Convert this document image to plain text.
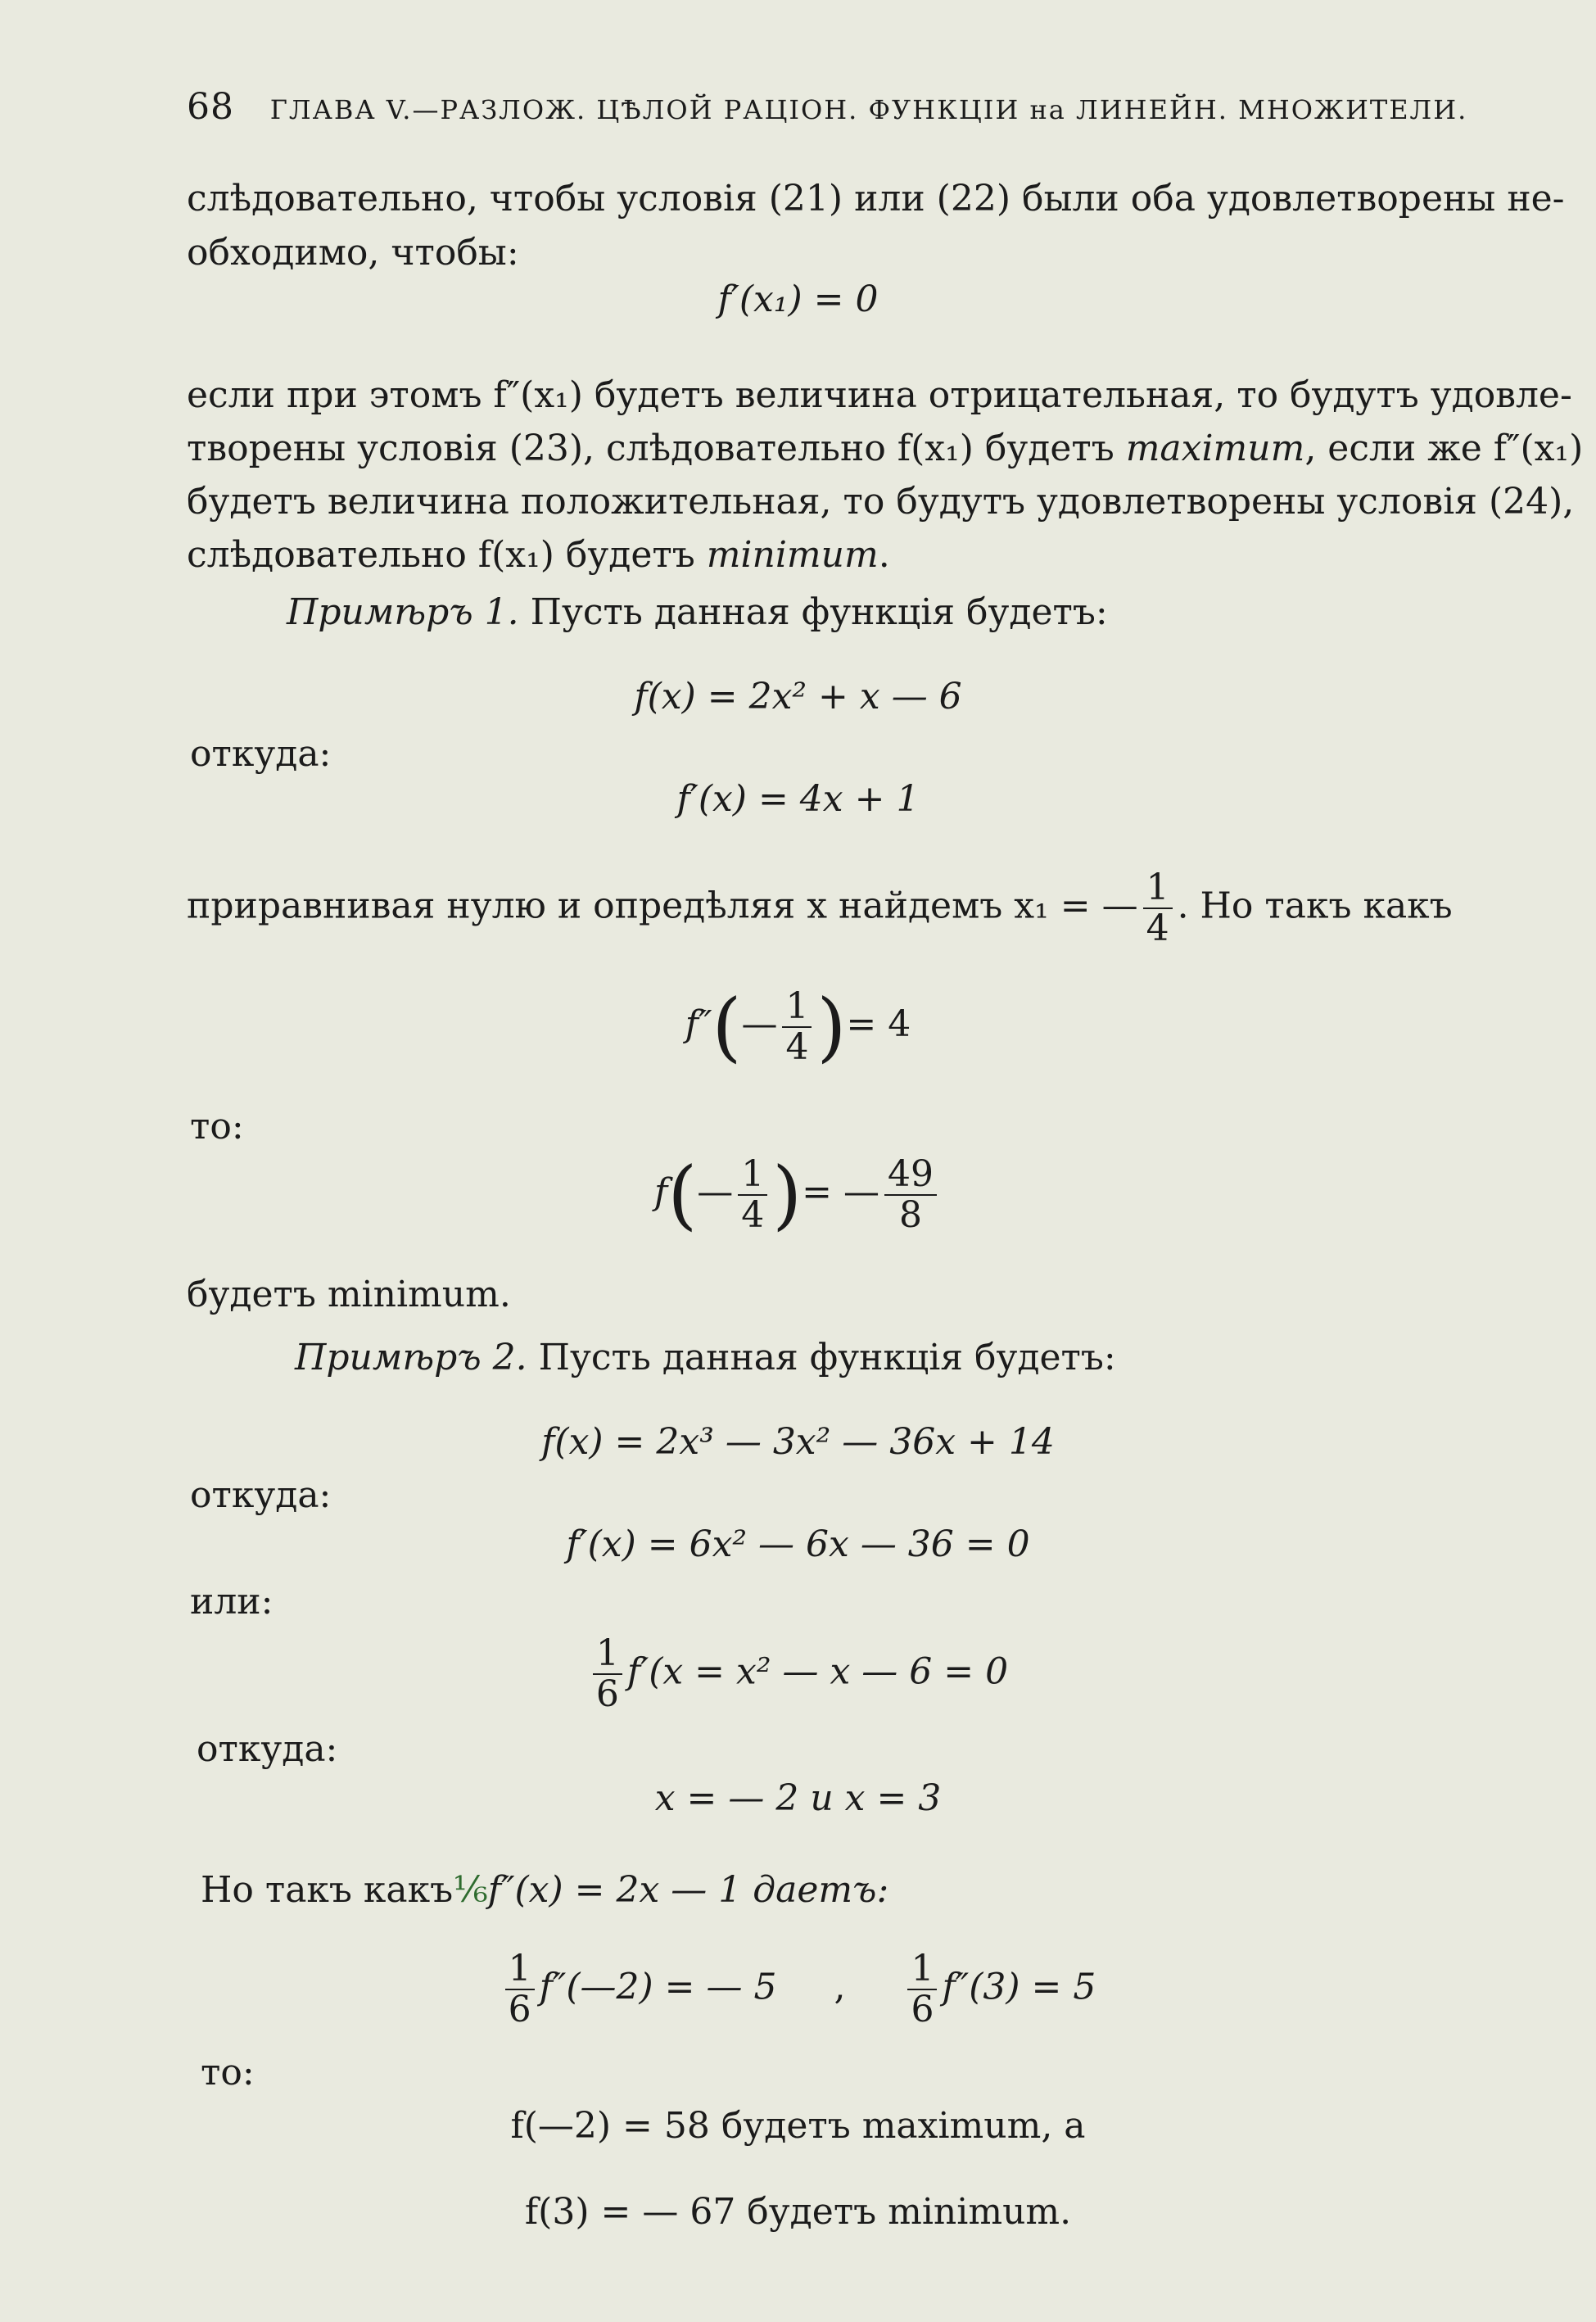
68 ГЛАВА V.—РАЗЛОЖ. ЦѢЛОЙ РАЦІОН. ФУНКЦІИ на ЛИНЕЙН. МНОЖИТЕЛИ.
слѣдовательно, чтобы условія (21) или (22) были оба удовлетворены не-
обходимо, чтобы:
f′(x₁) = 0
если при этомъ f″(x₁) будетъ величина отрицательная, то будутъ удовле-
творены условія (23), слѣдовательно f(x₁) будетъ maximum, если же f″(x₁)
будетъ величина положительная, то будутъ удовлетворены условія (24),
слѣдовательно f(x₁) будетъ minimum.
Примѣръ 1. Пусть данная функція будетъ:
f(x) = 2x² + x — 6
откуда:
f′(x) = 4x + 1
приравнивая нулю и опредѣляя x найдемъ x₁ = — $\frac{1}{4}$ . Но такъ какъ
f″(— $\frac{1}{4}$ )= 4
то:
f(— $\frac{1}{4}$ )= — $\frac{49}{8}$
будетъ minimum.
Примѣръ 2. Пусть данная функція будетъ:
f(x) = 2x³ — 3x² — 36x + 14
откуда:
f′(x) = 6x² — 6x — 36 = 0
или:
$\frac{1}{6} f'(x = x^2$ — x — 6 = 0
откуда:
x = — 2 и x = 3
Но такъ какъ⅙f″(x) = 2x — 1 даетъ:
$\frac{1}{6}$ f″(—2) = — 5 , $\frac{1}{6} f''(3) = 5$
то:
f(—2) = 58 будетъ maximum, a
f(3) = — 67 будетъ minimum.
